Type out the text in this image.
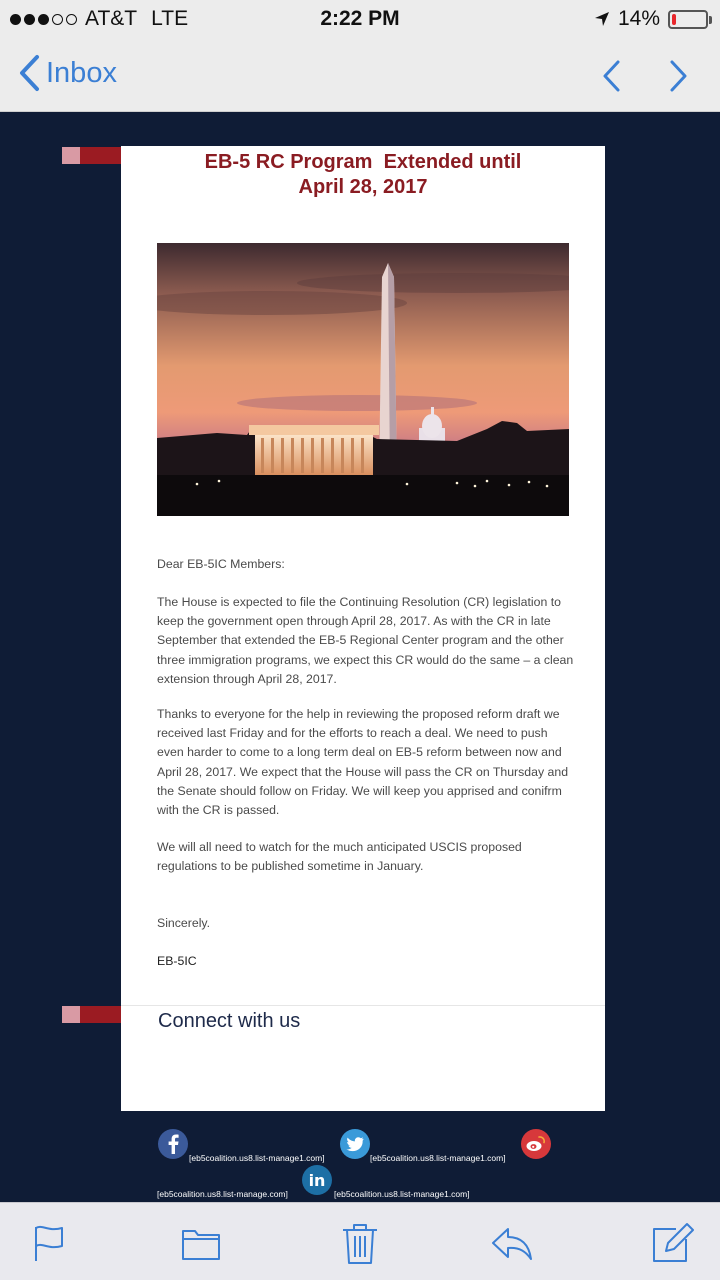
AT&T LTE	2:22 PM	14%
Inbox
EB-5 RC Program  Extended until
April 28, 2017
Dear EB-5IC Members:
The House is expected to file the Continuing Resolution (CR) legislation to keep the government open through April 28, 2017. As with the CR in late September that extended the EB-5 Regional Center program and the other three immigration programs, we expect this CR would do the same – a clean extension through April 28, 2017.
Thanks to everyone for the help in reviewing the proposed reform draft we received last Friday and for the efforts to reach a deal. We need to push even harder to come to a long term deal on EB-5 reform between now and April 28, 2017. We expect that the House will pass the CR on Thursday and the Senate should follow on Friday. We will keep you apprised and conifrm with the CR is passed.
We will all need to watch for the much anticipated USCIS proposed regulations to be published sometime in January.
Sincerely.
EB-5IC
Connect with us
[eb5coalition.us8.list-manage1.com]	[eb5coalition.us8.list-manage1.com]
[eb5coalition.us8.list-manage.com]
in
[eb5coalition.us8.list-manage1.com]
